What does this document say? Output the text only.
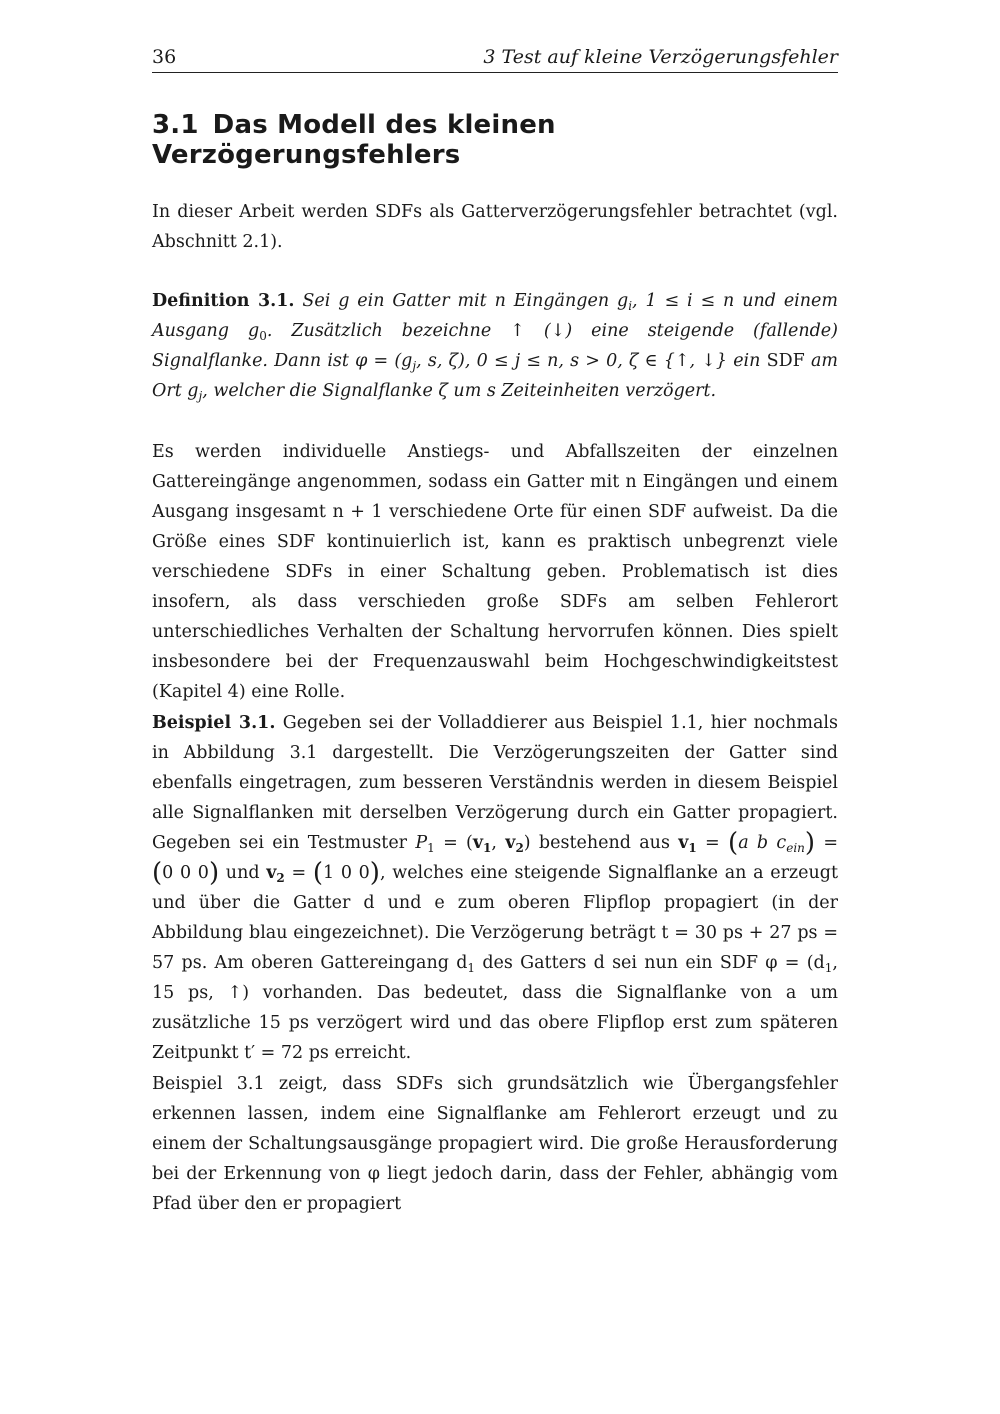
36	3 Test auf kleine Verzögerungsfehler
3.1 Das Modell des kleinen Verzögerungsfehlers

In dieser Arbeit werden SDFs als Gatterverzögerungsfehler betrachtet (vgl. Abschnitt 2.1).

Definition 3.1. Sei g ein Gatter mit n Eingängen $g_i$, 1 ≤ i ≤ n und einem Ausgang $g_0$. Zusätzlich bezeichne ↑ (↓) eine steigende (fallende) Signalflanke. Dann ist $\varphi = (g_j$, s, ζ), 0 ≤ j ≤ n, s > 0, ζ ∈ {↑, ↓} ein SDF am Ort $g_j$, welcher die Signalflanke ζ um s Zeiteinheiten verzögert.

Es werden individuelle Anstiegs- und Abfallszeiten der einzelnen Gattereingänge angenommen, sodass ein Gatter mit n Eingängen und einem Ausgang insgesamt n + 1 verschiedene Orte für einen SDF aufweist. Da die Größe eines SDF kontinuierlich ist, kann es praktisch unbegrenzt viele verschiedene SDFs in einer Schaltung geben. Problematisch ist dies insofern, als dass verschieden große SDFs am selben Fehlerort unterschiedliches Verhalten der Schaltung hervorrufen können. Dies spielt insbesondere bei der Frequenzauswahl beim Hochgeschwindigkeitstest (Kapitel 4) eine Rolle.

Beispiel 3.1. Gegeben sei der Volladdierer aus Beispiel 1.1, hier nochmals in Abbildung 3.1 dargestellt. Die Verzögerungszeiten der Gatter sind ebenfalls eingetragen, zum besseren Verständnis werden in diesem Beispiel alle Signalflanken mit derselben Verzögerung durch ein Gatter propagiert. Gegeben sei ein Testmuster $P_1 = (v_1$, $v_2$) bestehend aus $v_1 = (a$ b $c_{ein}) = (0$ 0 0) und $v_2 = (1$ 0 0), welches eine steigende Signalflanke an a erzeugt und über die Gatter d und e zum oberen Flipflop propagiert (in der Abbildung blau eingezeichnet). Die Verzögerung beträgt t = 30 ps + 27 ps = 57 ps. Am oberen Gattereingang $d_1$ des Gatters d sei nun ein SDF $\varphi = (d_1$, 15 ps, ↑) vorhanden. Das bedeutet, dass die Signalflanke von a um zusätzliche 15 ps verzögert wird und das obere Flipflop erst zum späteren Zeitpunkt t′ = 72 ps erreicht.

Beispiel 3.1 zeigt, dass SDFs sich grundsätzlich wie Übergangsfehler erkennen lassen, indem eine Signalflanke am Fehlerort erzeugt und zu einem der Schaltungsausgänge propagiert wird. Die große Herausforderung bei der Erkennung von φ liegt jedoch darin, dass der Fehler, abhängig vom Pfad über den er propagiert
